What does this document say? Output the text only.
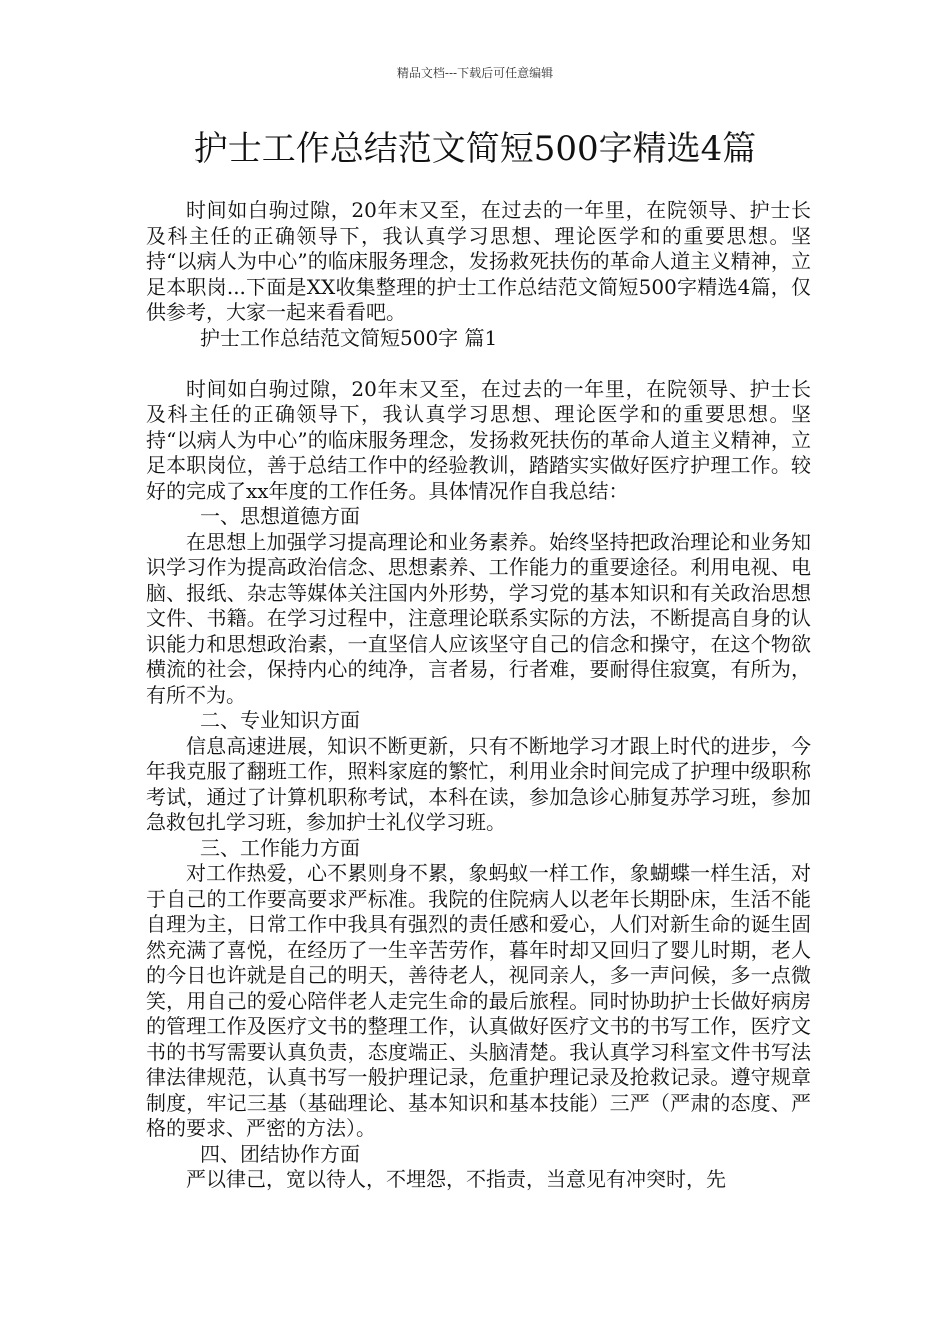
精品文档---下载后可任意编辑
护士工作总结范文简短500字精选4篇

时间如白驹过隙，20年末又至，在过去的一年里，在院领导、护士长及科主任的正确领导下，我认真学习思想、理论医学和的重要思想。坚持“以病人为中心”的临床服务理念，发扬救死扶伤的革命人道主义精神，立足本职岗...下面是XX收集整理的护士工作总结范文简短500字精选4篇，仅供参考，大家一起来看看吧。

护士工作总结范文简短500字 篇1

时间如白驹过隙，20年末又至，在过去的一年里，在院领导、护士长及科主任的正确领导下，我认真学习思想、理论医学和的重要思想。坚持“以病人为中心”的临床服务理念，发扬救死扶伤的革命人道主义精神，立足本职岗位，善于总结工作中的经验教训，踏踏实实做好医疗护理工作。较好的完成了xx年度的工作任务。具体情况作自我总结：

一、思想道德方面

在思想上加强学习提高理论和业务素养。始终坚持把政治理论和业务知识学习作为提高政治信念、思想素养、工作能力的重要途径。利用电视、电脑、报纸、杂志等媒体关注国内外形势，学习党的基本知识和有关政治思想文件、书籍。在学习过程中，注意理论联系实际的方法，不断提高自身的认识能力和思想政治素，一直坚信人应该坚守自己的信念和操守，在这个物欲横流的社会，保持内心的纯净，言者易，行者难，要耐得住寂寞，有所为，有所不为。

二、专业知识方面

信息高速进展，知识不断更新，只有不断地学习才跟上时代的进步，今年我克服了翻班工作，照料家庭的繁忙，利用业余时间完成了护理中级职称考试，通过了计算机职称考试，本科在读，参加急诊心肺复苏学习班，参加急救包扎学习班，参加护士礼仪学习班。

三、工作能力方面

对工作热爱，心不累则身不累，象蚂蚁一样工作，象蝴蝶一样生活，对于自己的工作要高要求严标准。我院的住院病人以老年长期卧床，生活不能自理为主，日常工作中我具有强烈的责任感和爱心，人们对新生命的诞生固然充满了喜悦，在经历了一生辛苦劳作，暮年时却又回归了婴儿时期，老人的今日也许就是自己的明天，善待老人，视同亲人，多一声问候，多一点微笑，用自己的爱心陪伴老人走完生命的最后旅程。同时协助护士长做好病房的管理工作及医疗文书的整理工作，认真做好医疗文书的书写工作，医疗文书的书写需要认真负责，态度端正、头脑清楚。我认真学习科室文件书写法律法律规范，认真书写一般护理记录，危重护理记录及抢救记录。遵守规章制度，牢记三基（基础理论、基本知识和基本技能）三严（严肃的态度、严格的要求、严密的方法）。

四、团结协作方面

严以律己，宽以待人，不埋怨，不指责，当意见有冲突时，先
